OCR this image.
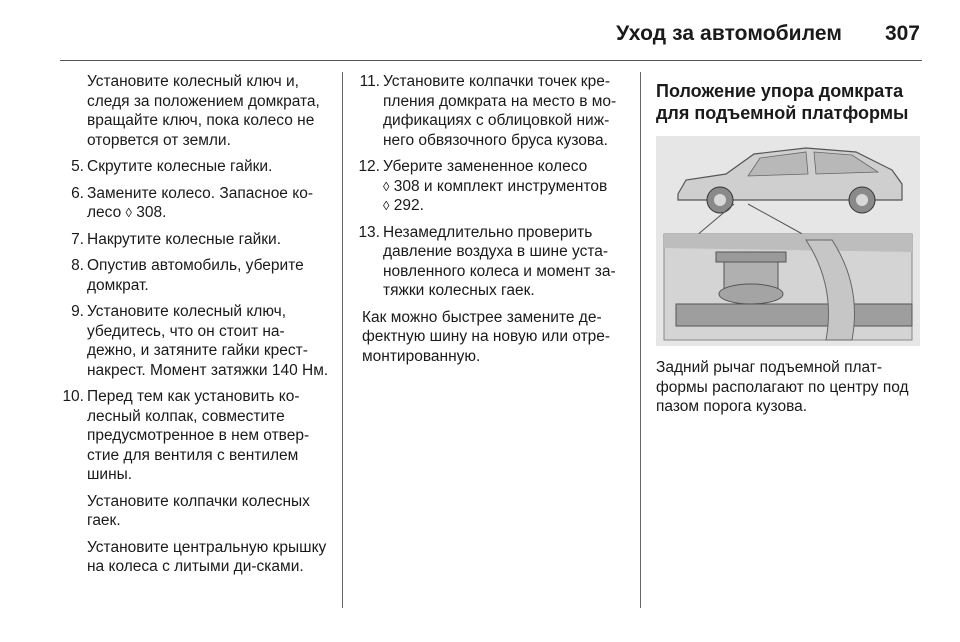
Уход за автомобилем 307

Установите колесный ключ и, следя за положением домкрата, вращайте ключ, пока колесо не оторвется от земли.

5. Скрутите колесные гайки.
6. Замените колесо. Запасное ко-лесо ◊ 308.
7. Накрутите колесные гайки.
8. Опустив автомобиль, уберите домкрат.
9. Установите колесный ключ, убедитесь, что он стоит на-дежно, и затяните гайки крест-накрест. Момент затяжки 140 Нм.
10. Перед тем как установить ко-лесный колпак, совместите предусмотренное в нем отвер-стие для вентиля с вентилем шины.

Установите колпачки колесных гаек.

Установите центральную крышку на колеса с литыми ди-сками.

11. Установите колпачки точек кре-пления домкрата на место в мо-дификациях с облицовкой ниж-него обвязочного бруса кузова.
12. Уберите замененное колесо
◊ 308 и комплект инструментов
◊ 292.
13. Незамедлительно проверить давление воздуха в шине уста-новленного колеса и момент за-тяжки колесных гаек.

Как можно быстрее замените де-фектную шину на новую или отре-монтированную.

Положение упора домкрата для подъемной платформы

Задний рычаг подъемной плат-формы располагают по центру под пазом порога кузова.
